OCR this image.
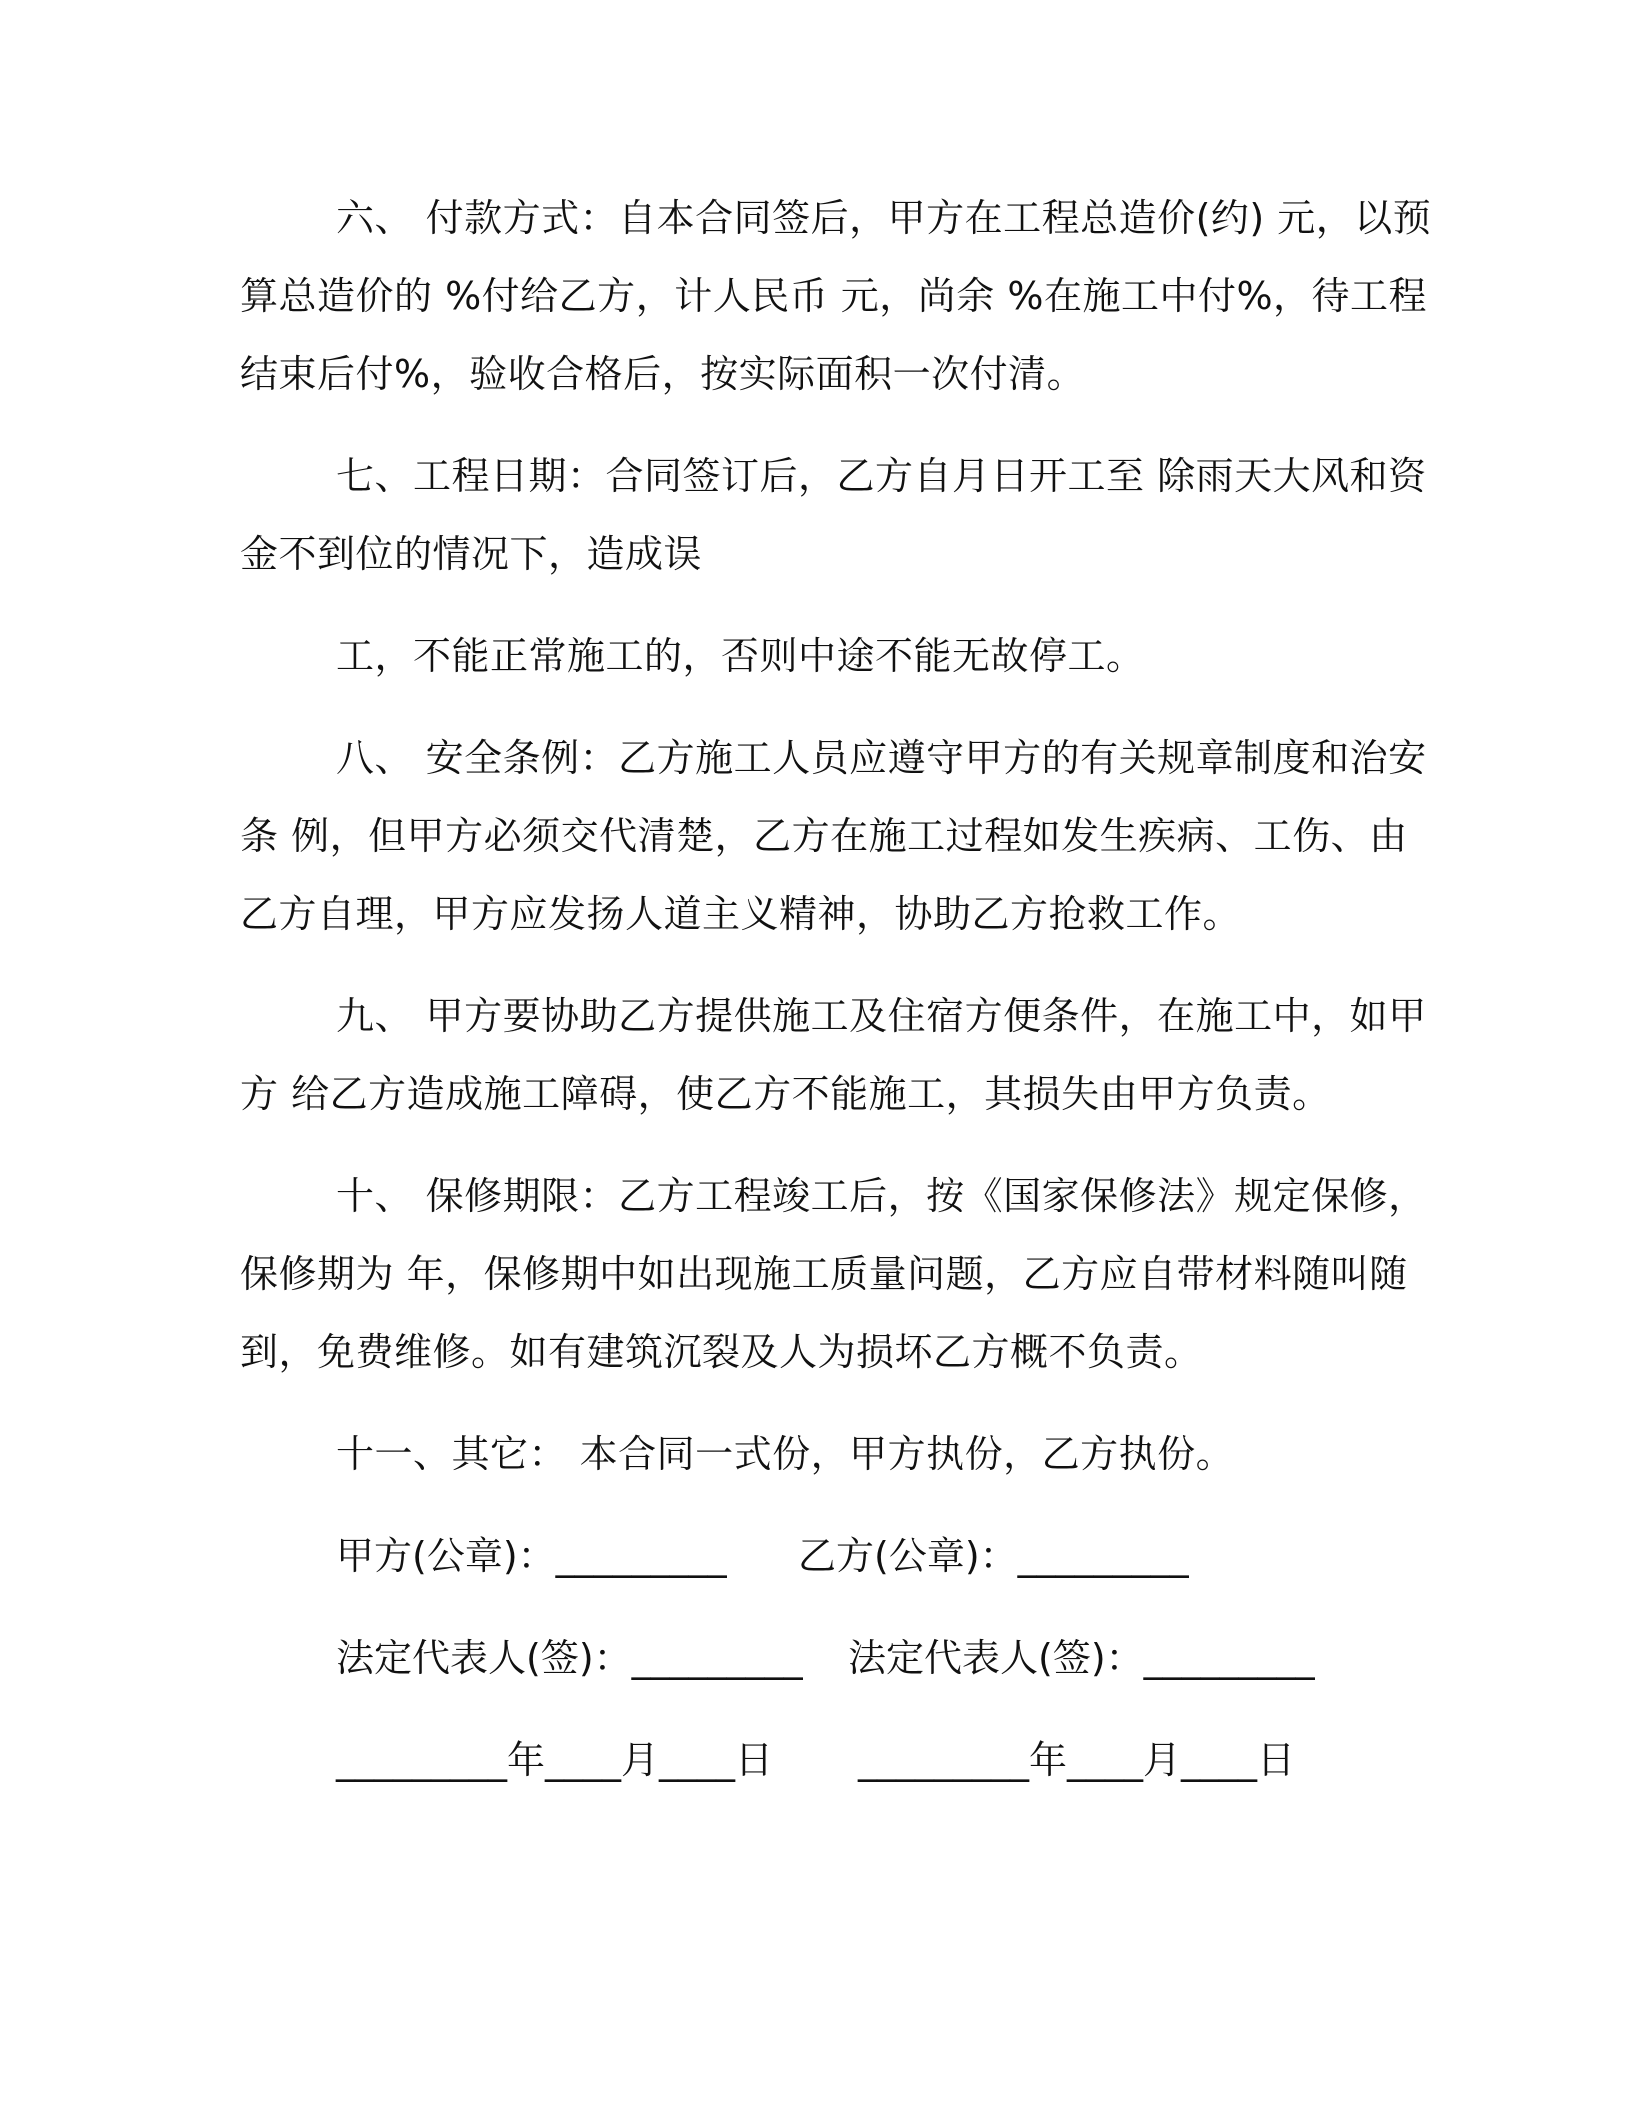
六、 付款方式：自本合同签后，甲方在工程总造价(约) 元，以预
算总造价的 %付给乙方，计人民币 元，尚余 %在施工中付%，待工程
结束后付%，验收合格后，按实际面积一次付清。
七、工程日期：合同签订后，乙方自月日开工至 除雨天大风和资
金不到位的情况下，造成误
工，不能正常施工的，否则中途不能无故停工。
八、 安全条例：乙方施工人员应遵守甲方的有关规章制度和治安
条 例，但甲方必须交代清楚，乙方在施工过程如发生疾病、工伤、由
乙方自理，甲方应发扬人道主义精神，协助乙方抢救工作。
九、 甲方要协助乙方提供施工及住宿方便条件，在施工中，如甲
方 给乙方造成施工障碍，使乙方不能施工，其损失由甲方负责。
十、 保修期限：乙方工程竣工后，按《国家保修法》规定保修，
保修期为 年，保修期中如出现施工质量问题，乙方应自带材料随叫随
到，免费维修。如有建筑沉裂及人为损坏乙方概不负责。
十一、其它： 本合同一式份，甲方执份，乙方执份。
甲方(公章)：_________ 乙方(公章)：_________
法定代表人(签)：_________ 法定代表人(签)：_________
_________年____月____日 _________年____月____日
